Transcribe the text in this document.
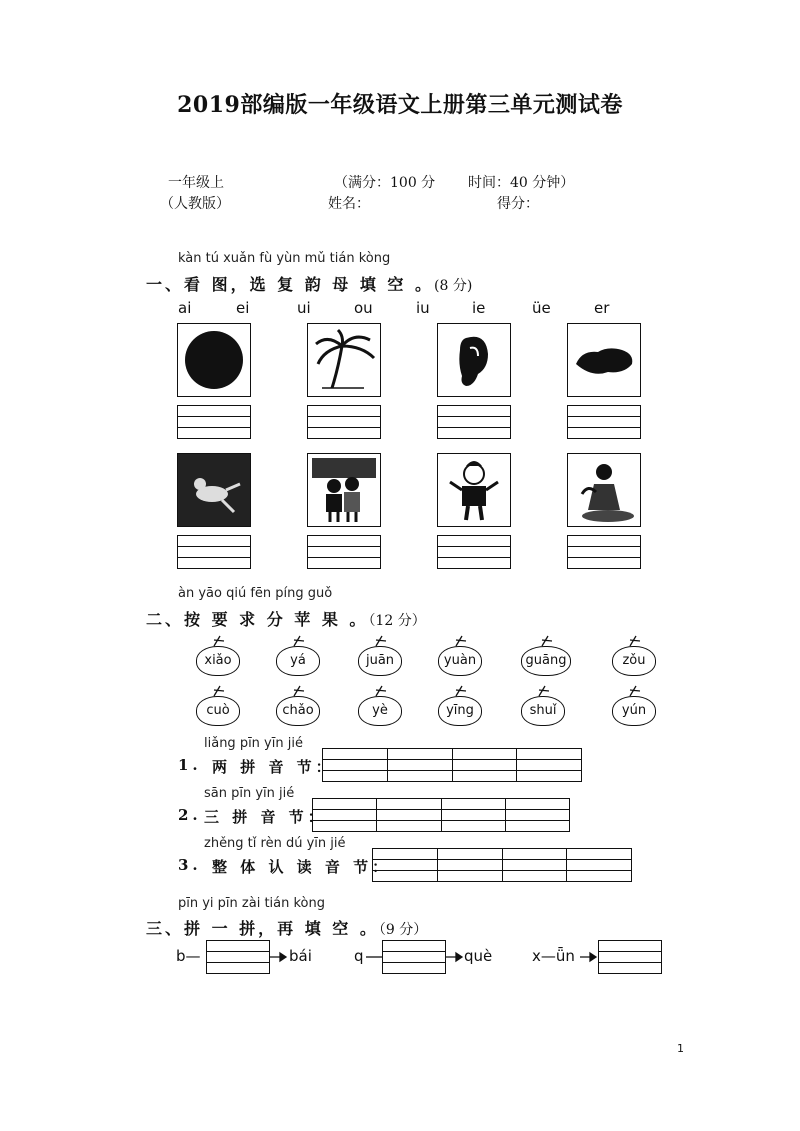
2019部编版一年级语文上册第三单元测试卷
一年级上	（满分：100 分 时间：40 分钟）
（人教版）	姓名：	得分：
kàn tú xuǎn fù yùn mǔ tián kòng
一、看 图，选 复 韵 母 填 空 。(8 分)
ai	ei	ui	ou	iu	ie	üe	er
àn yāo qiú fēn píng guǒ
二、按 要 求 分 苹 果 。（12 分）
xiǎo	yá	juān	yuàn	guāng	zǒu
cuò	chǎo	yè	yīng	shuǐ	yún
liǎng pīn yīn jié
1. 两 拼 音 节：
sān pīn yīn jié
2. 三 拼 音 节：
zhěng tǐ rèn dú yīn jié
3. 整 体 认 读 音 节：
pīn yi pīn zài tián kòng
三、拼 一 拼，再 填 空 。（9 分）
b—	bái	q	què	x—ǖn
1
